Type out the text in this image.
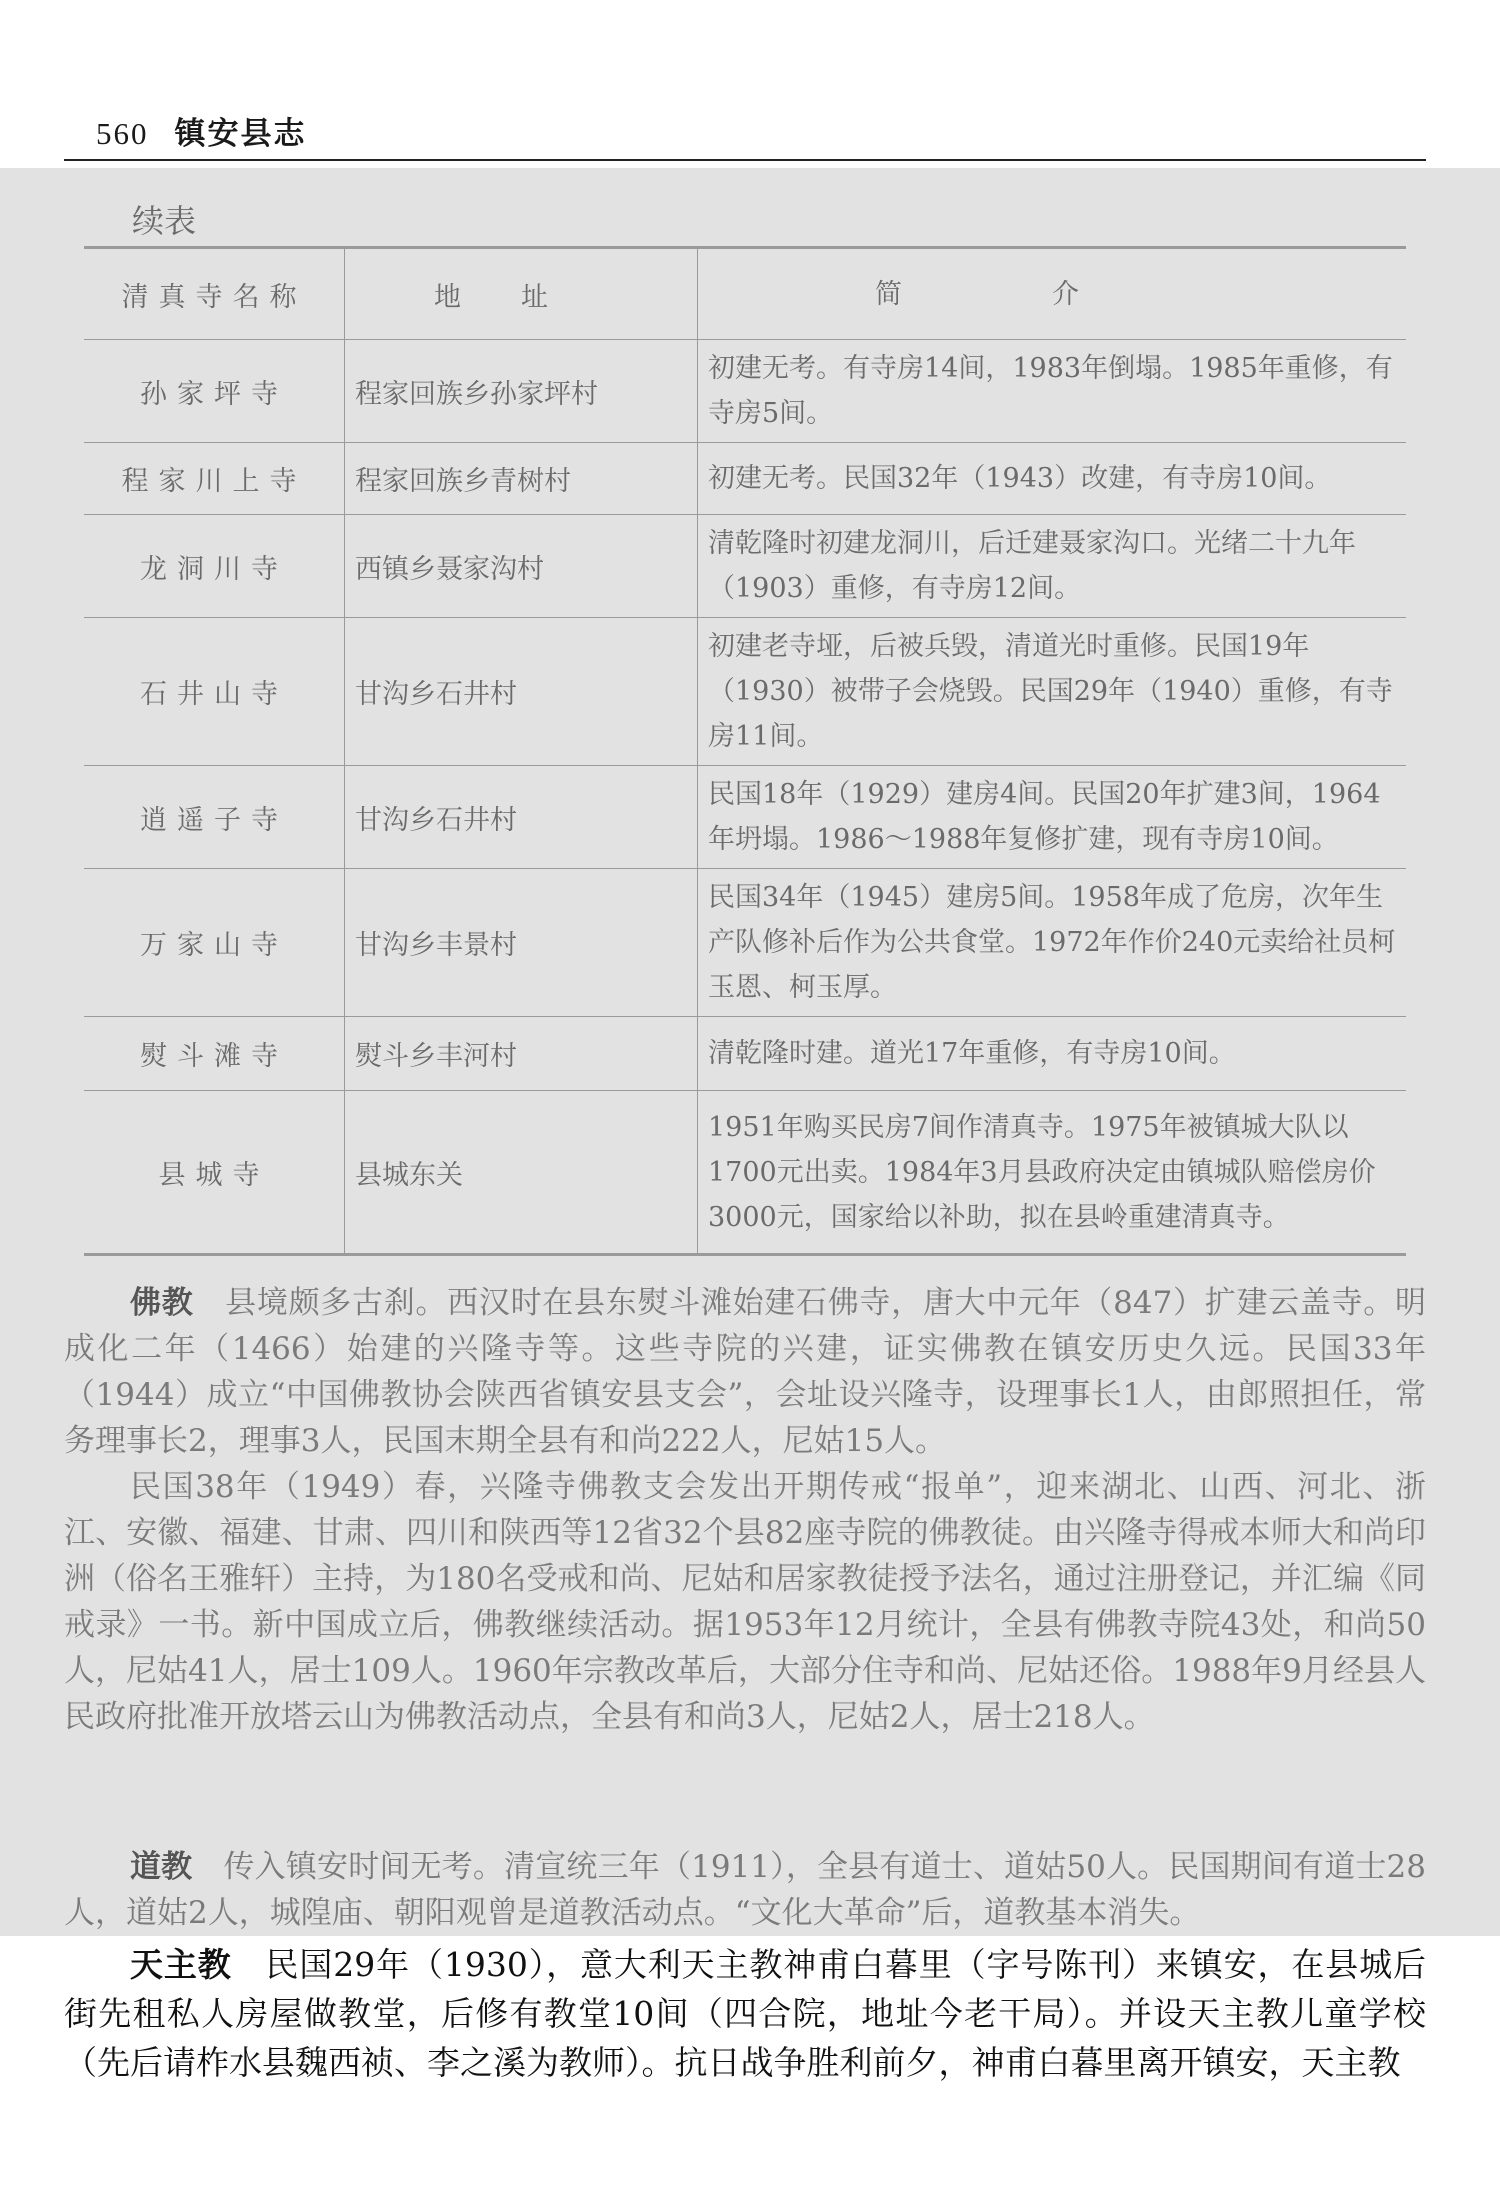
560 镇安县志
续表
清真寺名称	地址	简介
孙家坪寺	程家回族乡孙家坪村	初建无考。有寺房14间，1983年倒塌。1985年重修，有寺房5间。
程家川上寺	程家回族乡青树村	初建无考。民国32年（1943）改建，有寺房10间。
龙洞川寺	西镇乡聂家沟村	清乾隆时初建龙洞川，后迁建聂家沟口。光绪二十九年（1903）重修，有寺房12间。
石井山寺	甘沟乡石井村	初建老寺垭，后被兵毁，清道光时重修。民国19年（1930）被带子会烧毁。民国29年（1940）重修，有寺房11间。
逍遥子寺	甘沟乡石井村	民国18年（1929）建房4间。民国20年扩建3间，1964年坍塌。1986～1988年复修扩建，现有寺房10间。
万家山寺	甘沟乡丰景村	民国34年（1945）建房5间。1958年成了危房，次年生产队修补后作为公共食堂。1972年作价240元卖给社员柯玉恩、柯玉厚。
熨斗滩寺	熨斗乡丰河村	清乾隆时建。道光17年重修，有寺房10间。
县城寺	县城东关	1951年购买民房7间作清真寺。1975年被镇城大队以1700元出卖。1984年3月县政府决定由镇城队赔偿房价3000元，国家给以补助，拟在县岭重建清真寺。

佛教　 县境颇多古刹。西汉时在县东熨斗滩始建石佛寺，唐大中元年（847）扩建云盖寺。明成化二年（1466）始建的兴隆寺等。这些寺院的兴建，证实佛教在镇安历史久远。民国33年（1944）成立“中国佛教协会陕西省镇安县支会”，会址设兴隆寺，设理事长1人，由郎照担任，常务理事长2，理事3人，民国末期全县有和尚222人，尼姑15人。

民国38年（1949）春，兴隆寺佛教支会发出开期传戒“报单”，迎来湖北、山西、河北、浙江、安徽、福建、甘肃、四川和陕西等12省32个县82座寺院的佛教徒。由兴隆寺得戒本师大和尚印洲（俗名王雅轩）主持，为180名受戒和尚、尼姑和居家教徒授予法名，通过注册登记，并汇编《同戒录》一书。新中国成立后，佛教继续活动。据1953年12月统计，全县有佛教寺院43处，和尚50人，尼姑41人，居士109人。1960年宗教改革后，大部分住寺和尚、尼姑还俗。1988年9月经县人民政府批准开放塔云山为佛教活动点，全县有和尚3人，尼姑2人，居士218人。

道教　 传入镇安时间无考。清宣统三年（1911），全县有道士、道姑50人。民国期间有道士28人，道姑2人，城隍庙、朝阳观曾是道教活动点。“文化大革命”后，道教基本消失。

天主教　 民国29年（1930），意大利天主教神甫白暮里（字号陈刊）来镇安，在县城后街先租私人房屋做教堂，后修有教堂10间（四合院，地址今老干局）。并设天主教儿童学校（先后请柞水县魏西祯、李之溪为教师）。抗日战争胜利前夕，神甫白暮里离开镇安，天主教
